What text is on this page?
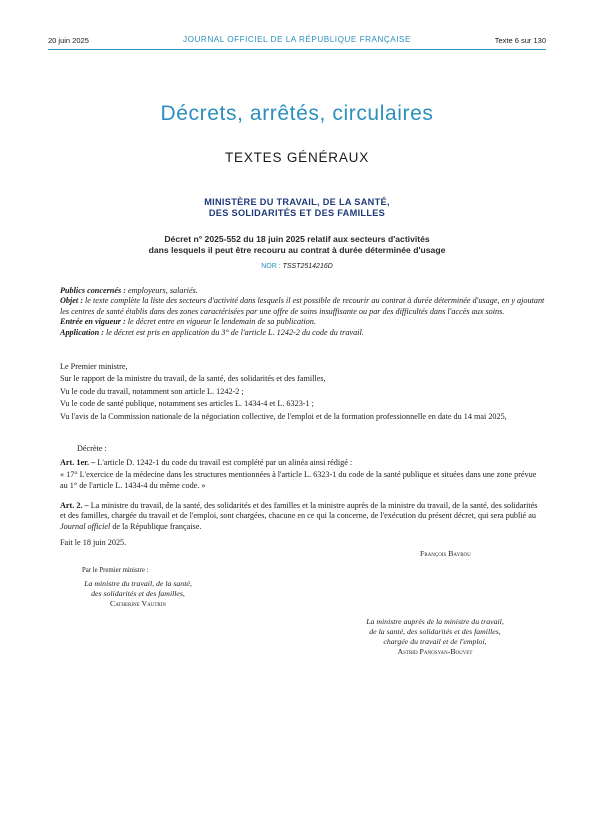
20 juin 2025	JOURNAL OFFICIEL DE LA RÉPUBLIQUE FRANÇAISE	Texte 6 sur 130
Décrets, arrêtés, circulaires
TEXTES GÉNÉRAUX
MINISTÈRE DU TRAVAIL, DE LA SANTÉ,
DES SOLIDARITÉS ET DES FAMILLES
Décret n° 2025-552 du 18 juin 2025 relatif aux secteurs d'activités
dans lesquels il peut être recouru au contrat à durée déterminée d'usage
NOR : TSST2514216D

Publics concernés : employeurs, salariés.

Objet : le texte complète la liste des secteurs d'activité dans lesquels il est possible de recourir au contrat à durée déterminée d'usage, en y ajoutant les centres de santé établis dans des zones caractérisées par une offre de soins insuffisante ou par des difficultés dans l'accès aux soins.

Entrée en vigueur : le décret entre en vigueur le lendemain de sa publication.

Application : le décret est pris en application du 3° de l'article L. 1242-2 du code du travail.

Le Premier ministre,

Sur le rapport de la ministre du travail, de la santé, des solidarités et des familles,

Vu le code du travail, notamment son article L. 1242-2 ;

Vu le code de santé publique, notamment ses articles L. 1434-4 et L. 6323-1 ;

Vu l'avis de la Commission nationale de la négociation collective, de l'emploi et de la formation professionnelle en date du 14 mai 2025,

Décrète :

Art. 1er. – L'article D. 1242-1 du code du travail est complété par un alinéa ainsi rédigé :

« 17° L'exercice de la médecine dans les structures mentionnées à l'article L. 6323-1 du code de la santé publique et situées dans une zone prévue au 1° de l'article L. 1434-4 du même code. »

Art. 2. – La ministre du travail, de la santé, des solidarités et des familles et la ministre auprès de la ministre du travail, de la santé, des solidarités et des familles, chargée du travail et de l'emploi, sont chargées, chacune en ce qui la concerne, de l'exécution du présent décret, qui sera publié au Journal officiel de la République française.

Fait le 18 juin 2025.
François Bayrou
Par le Premier ministre :
La ministre du travail, de la santé,
des solidarités et des familles,
Catherine Vautrin
La ministre auprès de la ministre du travail,
de la santé, des solidarités et des familles,
chargée du travail et de l'emploi,
Astrid Panosyan-Bouvet
